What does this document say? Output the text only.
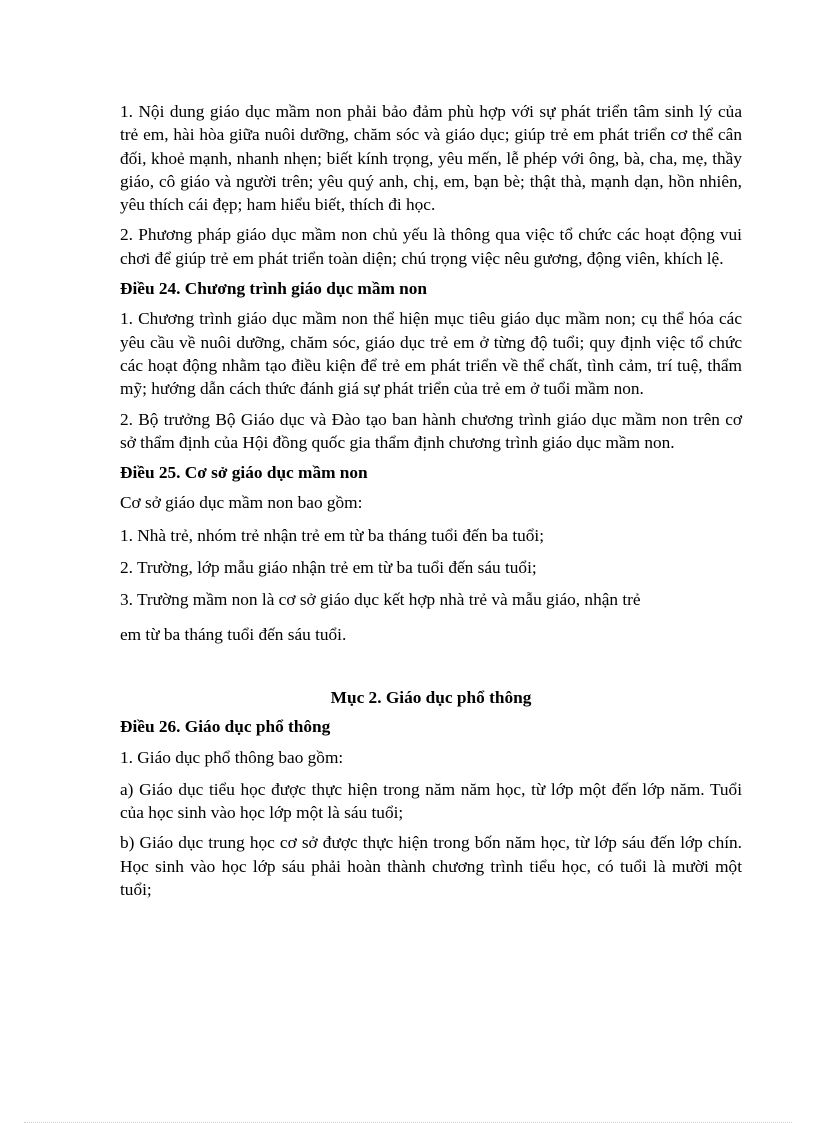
1. Nội dung giáo dục mầm non phải bảo đảm phù hợp với sự phát triển tâm sinh lý của trẻ em, hài hòa giữa nuôi dưỡng, chăm sóc và giáo dục; giúp trẻ em phát triển cơ thể cân đối, khoẻ mạnh, nhanh nhẹn; biết kính trọng, yêu mến, lễ phép với ông, bà, cha, mẹ, thầy giáo, cô giáo và người trên; yêu quý anh, chị, em, bạn bè; thật thà, mạnh dạn, hồn nhiên, yêu thích cái đẹp; ham hiểu biết, thích đi học.

2. Phương pháp giáo dục mầm non chủ yếu là thông qua việc tổ chức các hoạt động vui chơi để giúp trẻ em phát triển toàn diện; chú trọng việc nêu gương, động viên, khích lệ.

Điều 24. Chương trình giáo dục mầm non

1. Chương trình giáo dục mầm non thể hiện mục tiêu giáo dục mầm non; cụ thể hóa các yêu cầu về nuôi dưỡng, chăm sóc, giáo dục trẻ em ở từng độ tuổi; quy định việc tổ chức các hoạt động nhằm tạo điều kiện để trẻ em phát triển về thể chất, tình cảm, trí tuệ, thẩm mỹ; hướng dẫn cách thức đánh giá sự phát triển của trẻ em ở tuổi mầm non.

2. Bộ trưởng Bộ Giáo dục và Đào tạo ban hành chương trình giáo dục mầm non trên cơ sở thẩm định của Hội đồng quốc gia thẩm định chương trình giáo dục mầm non.

Điều 25. Cơ sở giáo dục mầm non

Cơ sở giáo dục mầm non bao gồm:

1. Nhà trẻ, nhóm trẻ nhận trẻ em từ ba tháng tuổi đến ba tuổi;

2. Trường, lớp mẫu giáo nhận trẻ em từ ba tuổi đến sáu tuổi;

3. Trường mầm non là cơ sở giáo dục kết hợp nhà trẻ và mẫu giáo, nhận trẻ

em từ ba tháng tuổi đến sáu tuổi.

Mục 2. Giáo dục phổ thông

Điều 26. Giáo dục phổ thông

1. Giáo dục phổ thông bao gồm:

a) Giáo dục tiểu học được thực hiện trong năm năm học, từ lớp một đến lớp năm. Tuổi của học sinh vào học lớp một là sáu tuổi;

b) Giáo dục trung học cơ sở được thực hiện trong bốn năm học, từ lớp sáu đến lớp chín. Học sinh vào học lớp sáu phải hoàn thành chương trình tiểu học, có tuổi là mười một tuổi;
